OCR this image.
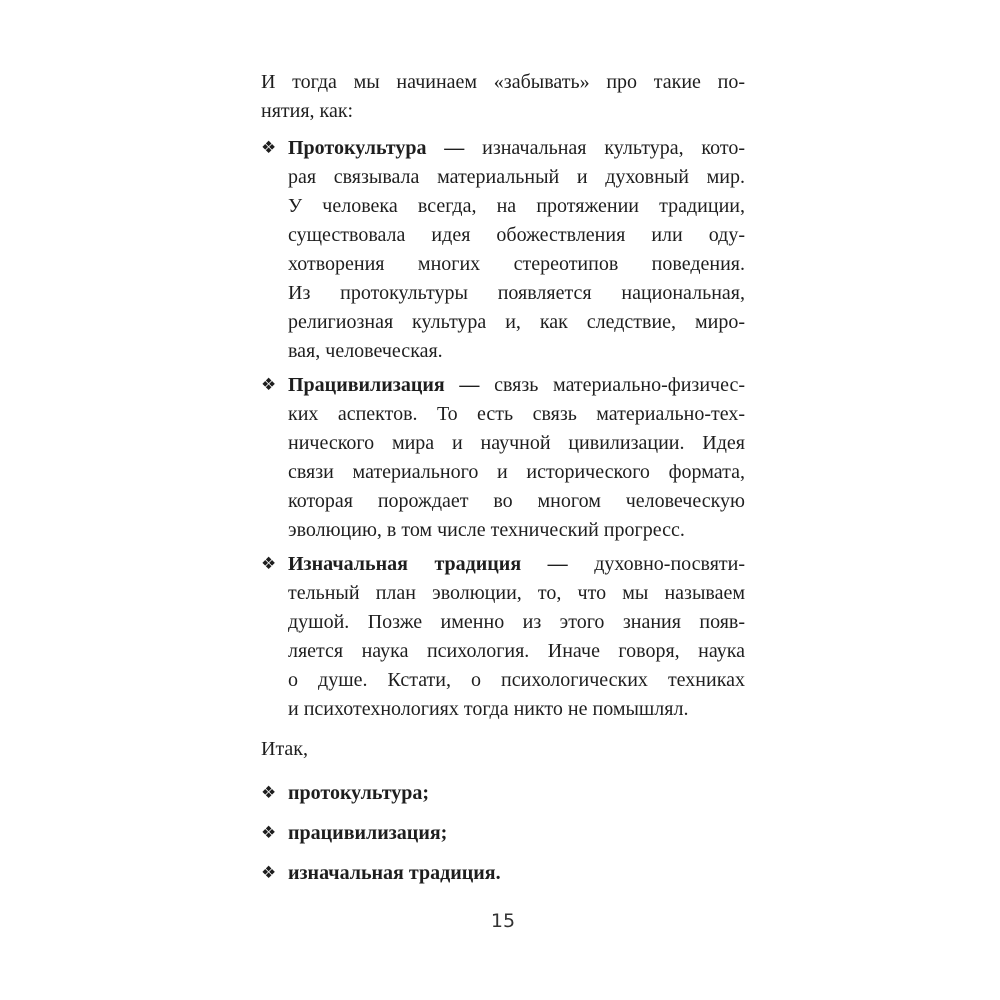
И тогда мы начинаем «забывать» про такие по-
нятия, как:
❖ Протокультура — изначальная культура, кото-
рая связывала материальный и духовный мир.
У человека всегда, на протяжении традиции,
существовала идея обожествления или оду-
хотворения многих стереотипов поведения.
Из протокультуры появляется национальная,
религиозная культура и, как следствие, миро-
вая, человеческая.
❖ Працивилизация — связь материально-физичес-
ких аспектов. То есть связь материально-тех-
нического мира и научной цивилизации. Идея
связи материального и исторического формата,
которая порождает во многом человеческую
эволюцию, в том числе технический прогресс.
❖ Изначальная традиция — духовно-посвяти-
тельный план эволюции, то, что мы называем
душой. Позже именно из этого знания появ-
ляется наука психология. Иначе говоря, наука
о душе. Кстати, о психологических техниках
и психотехнологиях тогда никто не помышлял.
Итак,
❖ протокультура;
❖ працивилизация;
❖ изначальная традиция.
15
